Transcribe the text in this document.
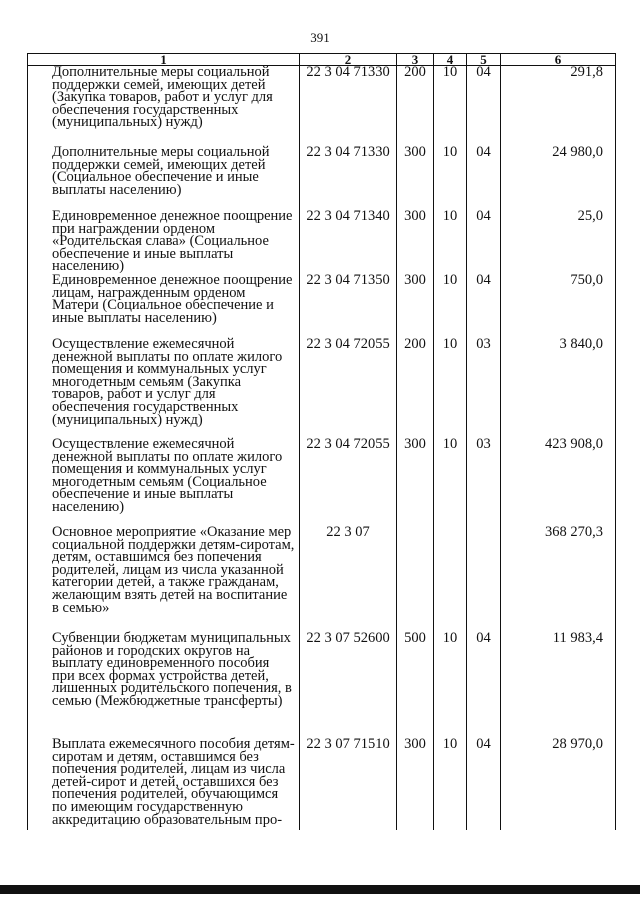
391
1	2	3	4	5	6
Дополнительные меры социальной поддержки семей, имеющих детей (Закупка товаров, работ и услуг для обеспечения государственных (муниципальных) нужд)	22 3 04 71330	200	10	04	291,8
Дополнительные меры социальной поддержки семей, имеющих детей (Социальное обеспечение и иные выплаты населению)	22 3 04 71330	300	10	04	24 980,0
Единовременное денежное поощрение при награждении орденом «Родительская слава» (Социальное обеспечение и иные выплаты населению)	22 3 04 71340	300	10	04	25,0
Единовременное денежное поощрение лицам, награжденным орденом Матери (Социальное обеспечение и иные выплаты населению)	22 3 04 71350	300	10	04	750,0
Осуществление ежемесячной денежной выплаты по оплате жилого помещения и коммунальных услуг многодетным семьям (Закупка товаров, работ и услуг для обеспечения государственных (муниципальных) нужд)	22 3 04 72055	200	10	03	3 840,0
Осуществление ежемесячной денежной выплаты по оплате жилого помещения и коммунальных услуг многодетным семьям (Социальное обеспечение и иные выплаты населению)	22 3 04 72055	300	10	03	423 908,0
Основное мероприятие «Оказание мер социальной поддержки детям-сиротам, детям, оставшимся без попечения родителей, лицам из числа указанной категории детей, а также гражданам, желающим взять детей на воспитание в семью»	22 3 07				368 270,3
Субвенции бюджетам муниципальных районов и городских округов на выплату единовременного пособия при всех формах устройства детей, лишенных родительского попечения, в семью (Межбюджетные трансферты)	22 3 07 52600	500	10	04	11 983,4
Выплата ежемесячного пособия детям-сиротам и детям, оставшимся без попечения родителей, лицам из числа детей-сирот и детей, оставшихся без попечения родителей, обучающимся по имеющим государственную аккредитацию образовательным про-	22 3 07 71510	300	10	04	28 970,0
